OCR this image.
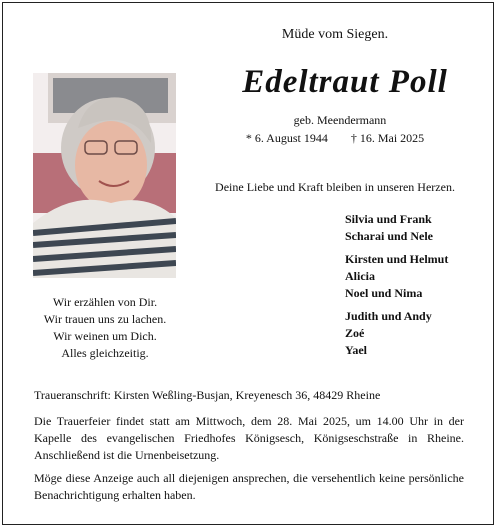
Müde vom Siegen.
Edeltraut Poll
geb. Meendermann
* 6. August 1944 † 16. Mai 2025
Deine Liebe und Kraft bleiben in unseren Herzen.
Silvia und Frank
Scharai und Nele
Kirsten und Helmut
Alicia
Noel und Nima
Judith und Andy
Zoé
Yael
Wir erzählen von Dir.
Wir trauen uns zu lachen.
Wir weinen um Dich.
Alles gleichzeitig.
Traueranschrift: Kirsten Weßling-Busjan, Kreyenesch 36, 48429 Rheine
Die Trauerfeier findet statt am Mittwoch, dem 28. Mai 2025, um 14.00 Uhr in der Kapelle des evangelischen Friedhofes Königsesch, Königseschstraße in Rheine. Anschließend ist die Urnenbeisetzung.
Möge diese Anzeige auch all diejenigen ansprechen, die versehentlich keine persönliche Benachrichtigung erhalten haben.
